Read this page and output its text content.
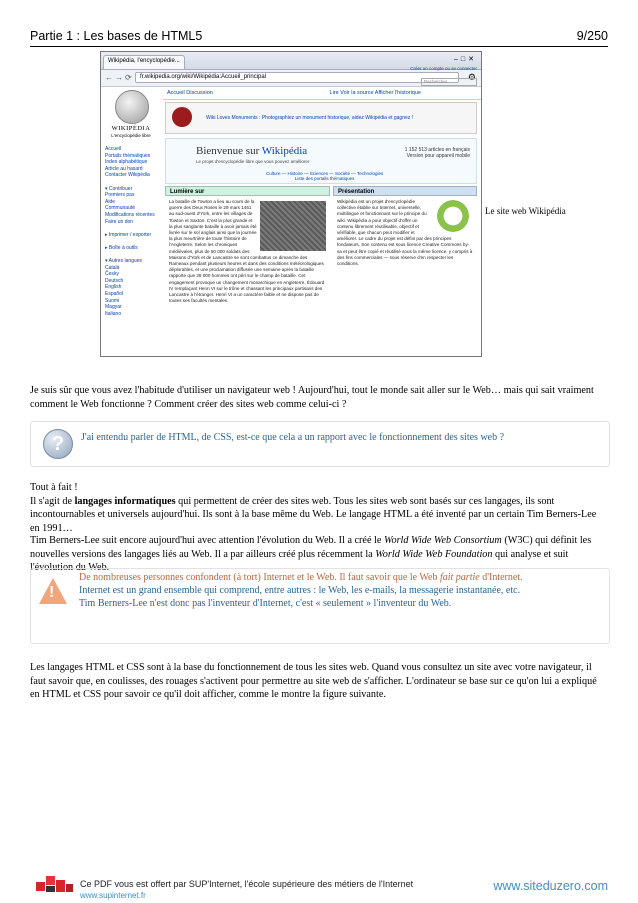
Partie 1 : Les bases de HTML5	9/250
Wikipédia, l'encyclopédie...	–□✕
←→⟳	fr.wikipedia.org/wiki/Wikipédia:Accueil_principal	⚙
WIKIPÉDIA
L'encyclopédie libre
Accueil
Portails thématiques
Index alphabétique
Article au hasard
Contacter Wikipédia

▾ Contribuer
Premiers pas
Aide
Communauté
Modifications récentes
Faire un don

▸ Imprimer / exporter

▸ Boîte à outils

▾ Autres langues
Català
Česky
Deutsch
English
Español
Suomi
Magyar
Italiano
Créer un compte ou se connecter
Accueil Discussion	Lire Voir la source Afficher l'historique
Rechercher
Wiki Loves Monuments : Photographiez un monument historique, aidez Wikipédia et gagnez !
Bienvenue sur Wikipédia
Le projet d'encyclopédie libre que vous pouvez améliorer
1 152 513 articles en français
Version pour appareil mobile
Culture — Histoire — Sciences — Société — Technologies
Liste des portails thématiques
Lumière sur
La bataille de Towton a lieu au cours de la guerre des Deux Roses le 29 mars 1461 au sud-ouest d'York, entre les villages de Towton et Saxton. C'est la plus grande et la plus sanglante bataille à avoir jamais été livrée sur le sol anglais ainsi que la journée la plus meurtrière de toute l'histoire de l'Angleterre. Selon les chroniques médiévales, plus de 50 000 soldats des Maisons d'York et de Lancastre se sont combattus ce dimanche des Rameaux pendant plusieurs heures et dans des conditions météorologiques déplorables, et une proclamation diffusée une semaine après la bataille rapporte que 28 000 hommes ont péri sur le champ de bataille. Cet engagement provoque un changement monarchique en Angleterre, Édouard IV remplaçant Henri VI sur le trône et chassant les principaux partisans des Lancastre à l'étranger. Henri VI a un caractère faible et ne dispose pas de toutes ses facultés mentales.
Présentation
Wikipédia est un projet d'encyclopédie collective établie sur Internet, universelle, multilingue et fonctionnant sur le principe du wiki. Wikipédia a pour objectif d'offrir un contenu librement réutilisable, objectif et vérifiable, que chacun peut modifier et améliorer. Le cadre du projet est défini par des principes fondateurs. Son contenu est sous licence Creative Commons by-sa et peut être copié et réutilisé sous la même licence, y compris à des fins commerciales — sous réserve d'en respecter les conditions.
Le site web Wikipédia

Je suis sûr que vous avez l'habitude d'utiliser un navigateur web ! Aujourd'hui, tout le monde sait aller sur le Web… mais qui sait vraiment comment le Web fonctionne ? Comment créer des sites web comme celui-ci ?

?	J'ai entendu parler de HTML, de CSS, est-ce que cela a un rapport avec le fonctionnement des sites web ?

Tout à fait !

Il s'agit de langages informatiques qui permettent de créer des sites web. Tous les sites web sont basés sur ces langages, ils sont incontournables et universels aujourd'hui. Ils sont à la base même du Web. Le langage HTML a été inventé par un certain Tim Berners-Lee en 1991…

Tim Berners-Lee suit encore aujourd'hui avec attention l'évolution du Web. Il a créé le World Wide Web Consortium (W3C) qui définit les nouvelles versions des langages liés au Web. Il a par ailleurs créé plus récemment la World Wide Web Foundation qui analyse et suit l'évolution du Web.

!
De nombreuses personnes confondent (à tort) Internet et le Web. Il faut savoir que le Web fait partie d'Internet.
Internet est un grand ensemble qui comprend, entre autres : le Web, les e-mails, la messagerie instantanée, etc.
Tim Berners-Lee n'est donc pas l'inventeur d'Internet, c'est « seulement » l'inventeur du Web.

Les langages HTML et CSS sont à la base du fonctionnement de tous les sites web. Quand vous consultez un site avec votre navigateur, il faut savoir que, en coulisses, des rouages s'activent pour permettre au site web de s'afficher. L'ordinateur se base sur ce qu'on lui a expliqué en HTML et CSS pour savoir ce qu'il doit afficher, comme le montre la figure suivante.

Ce PDF vous est offert par SUP'Internet, l'école supérieure des métiers de l'Internet
www.supinternet.fr
www.siteduzero.com
